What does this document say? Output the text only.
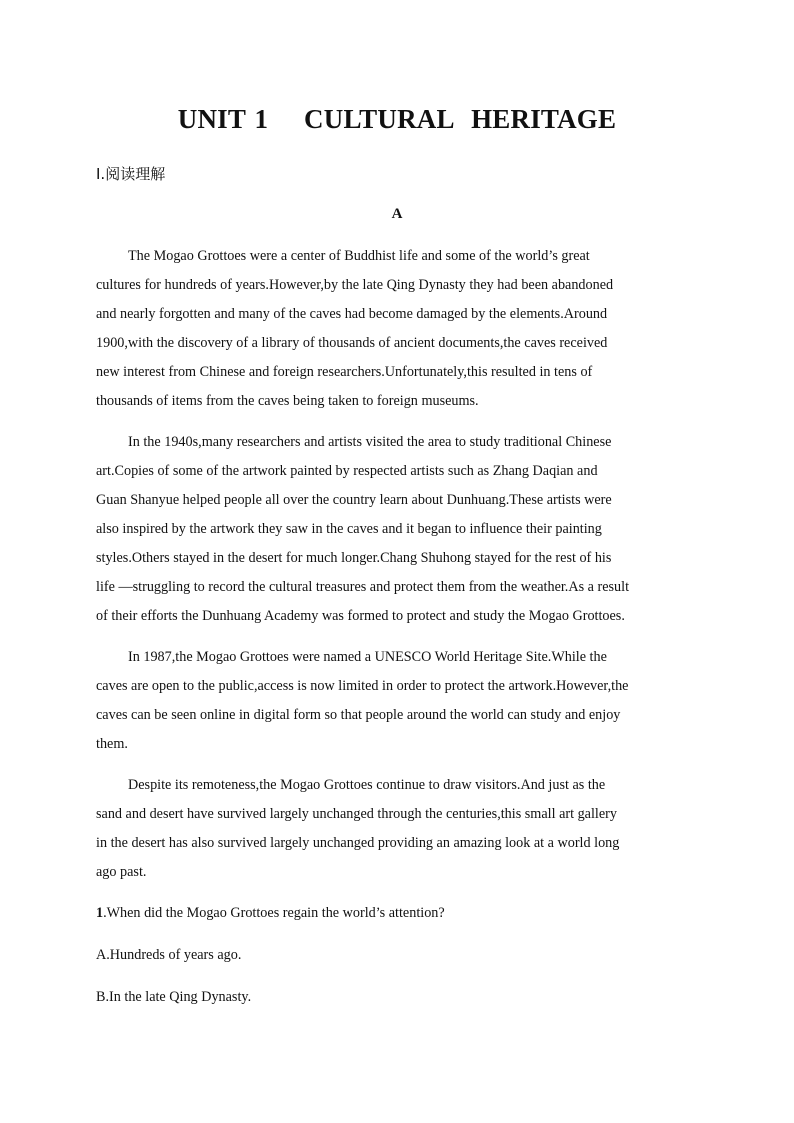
UNIT 1    CULTURAL  HERITAGE
Ⅰ.阅读理解
A

The Mogao Grottoes were a center of Buddhist life and some of the world’s great

cultures for hundreds of years.However,by the late Qing Dynasty they had been abandoned

and nearly forgotten and many of the caves had become damaged by the elements.Around

1900,with the discovery of a library of thousands of ancient documents,the caves received

new interest from Chinese and foreign researchers.Unfortunately,this resulted in tens of

thousands of items from the caves being taken to foreign museums.

In the 1940s,many researchers and artists visited the area to study traditional Chinese

art.Copies of some of the artwork painted by respected artists such as Zhang Daqian and

Guan Shanyue helped people all over the country learn about Dunhuang.These artists were

also inspired by the artwork they saw in the caves and it began to influence their painting

styles.Others stayed in the desert for much longer.Chang Shuhong stayed for the rest of his

life —struggling to record the cultural treasures and protect them from the weather.As a result

of their efforts the Dunhuang Academy was formed to protect and study the Mogao Grottoes.

In 1987,the Mogao Grottoes were named a UNESCO World Heritage Site.While the

caves are open to the public,access is now limited in order to protect the artwork.However,the

caves can be seen online in digital form so that people around the world can study and enjoy

them.

Despite its remoteness,the Mogao Grottoes continue to draw visitors.And just as the

sand and desert have survived largely unchanged through the centuries,this small art gallery

in the desert has also survived largely unchanged providing an amazing look at a world long

ago past.

1.When did the Mogao Grottoes regain the world’s attention?
A.Hundreds of years ago.
B.In the late Qing Dynasty.
